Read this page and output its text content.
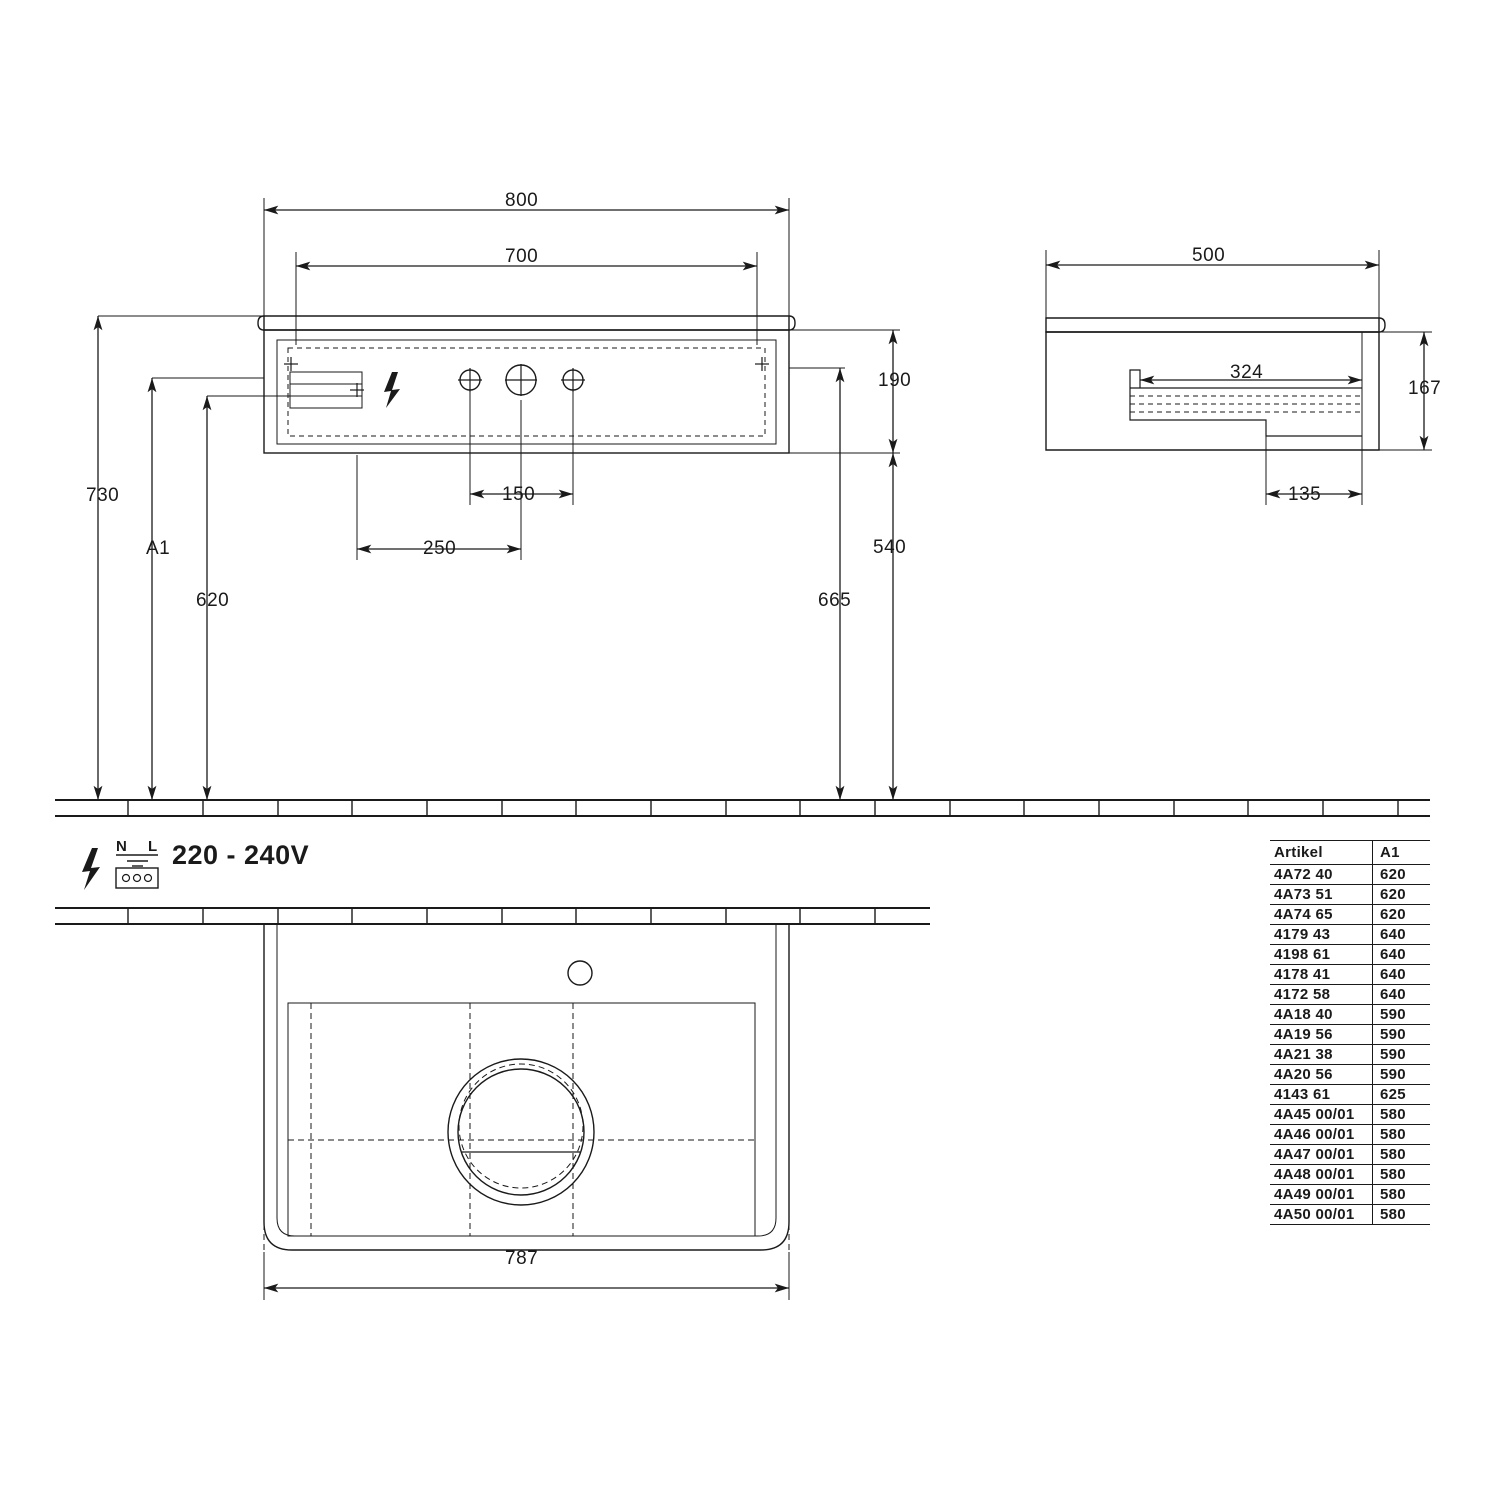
800
700
190
540
665
730
A1
620
150
250
500
324
167
135
787
N L 220 - 240V	Artikel	A1
4A72 40	620
4A73 51	620
4A74 65	620
4179 43	640
4198 61	640
4178 41	640
4172 58	640
4A18 40	590
4A19 56	590
4A21 38	590
4A20 56	590
4143 61	625
4A45 00/01	580
4A46 00/01	580
4A47 00/01	580
4A48 00/01	580
4A49 00/01	580
4A50 00/01	580
